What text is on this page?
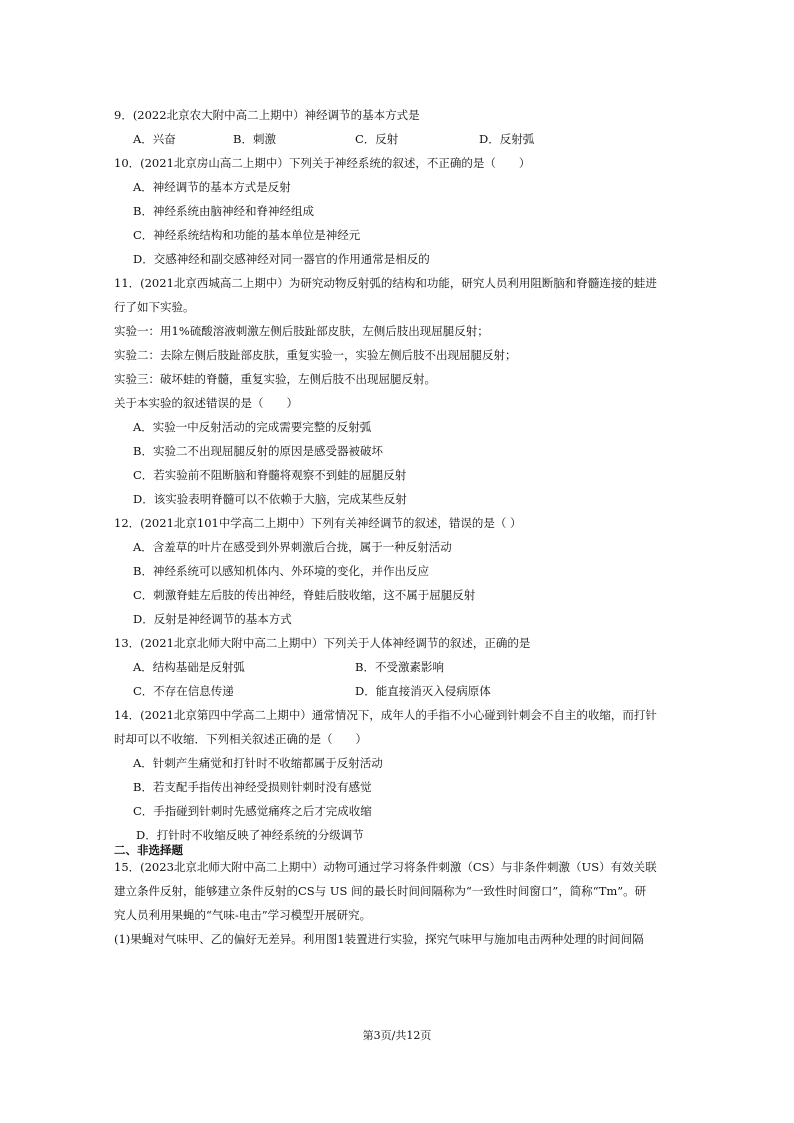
9．(2022北京农大附中高二上期中）神经调节的基本方式是
A．兴奋	B．刺激	C．反射	D．反射弧
10．(2021北京房山高二上期中）下列关于神经系统的叙述，不正确的是（　　）
A．神经调节的基本方式是反射
B．神经系统由脑神经和脊神经组成
C．神经系统结构和功能的基本单位是神经元
D．交感神经和副交感神经对同一器官的作用通常是相反的
11．(2021北京西城高二上期中）为研究动物反射弧的结构和功能，研究人员利用阻断脑和脊髓连接的蛙进
行了如下实验。
实验一：用1%硫酸溶液刺激左侧后肢趾部皮肤，左侧后肢出现屈腿反射；
实验二：去除左侧后肢趾部皮肤，重复实验一，实验左侧后肢不出现屈腿反射；
实验三：破坏蛙的脊髓，重复实验，左侧后肢不出现屈腿反射。
关于本实验的叙述错误的是（　　）
A．实验一中反射活动的完成需要完整的反射弧
B．实验二不出现屈腿反射的原因是感受器被破坏
C．若实验前不阻断脑和脊髓将观察不到蛙的屈腿反射
D．该实验表明脊髓可以不依赖于大脑，完成某些反射
12．(2021北京101中学高二上期中）下列有关神经调节的叙述，错误的是（ ）
A．含羞草的叶片在感受到外界刺激后合拢，属于一种反射活动
B．神经系统可以感知机体内、外环境的变化，并作出反应
C．刺激脊蛙左后肢的传出神经，脊蛙后肢收缩，这不属于屈腿反射
D．反射是神经调节的基本方式
13．(2021北京北师大附中高二上期中）下列关于人体神经调节的叙述，正确的是
A．结构基础是反射弧	B．不受激素影响
C．不存在信息传递	D．能直接消灭入侵病原体
14．(2021北京第四中学高二上期中）通常情况下，成年人的手指不小心碰到针刺会不自主的收缩，而打针
时却可以不收缩．下列相关叙述正确的是（　　）
A．针刺产生痛觉和打针时不收缩都属于反射活动
B．若支配手指传出神经受损则针刺时没有感觉
C．手指碰到针刺时先感觉痛疼之后才完成收缩
D．打针时不收缩反映了神经系统的分级调节
二、非选择题
15．(2023北京北师大附中高二上期中）动物可通过学习将条件刺激（CS）与非条件刺激（US）有效关联
建立条件反射，能够建立条件反射的CS与 US 间的最长时间间隔称为“一致性时间窗口”，简称“Tm”。研
究人员利用果蝇的“气味-电击”学习模型开展研究。
(1)果蝇对气味甲、乙的偏好无差异。利用图1装置进行实验，探究气味甲与施加电击两种处理的时间间隔
第3页/共12页
